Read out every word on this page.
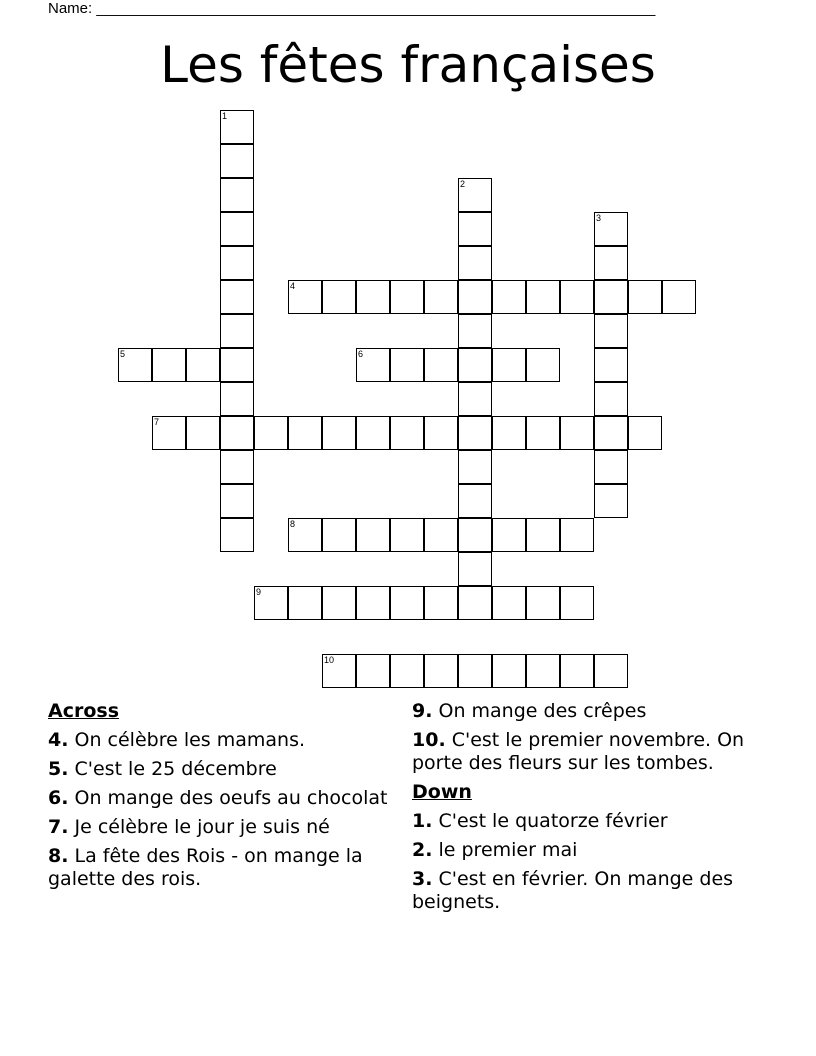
Name: ___________________________________________________________________
Les fêtes françaises
1
2
3
4
5	6
7
8
9
10
Across
4. On célèbre les mamans.
5. C'est le 25 décembre
6. On mange des oeufs au chocolat
7. Je célèbre le jour je suis né
8. La fête des Rois - on mange la galette des rois.
9. On mange des crêpes
10. C'est le premier novembre. On porte des fleurs sur les tombes.
Down
1. C'est le quatorze février
2. le premier mai
3. C'est en février. On mange des beignets.
